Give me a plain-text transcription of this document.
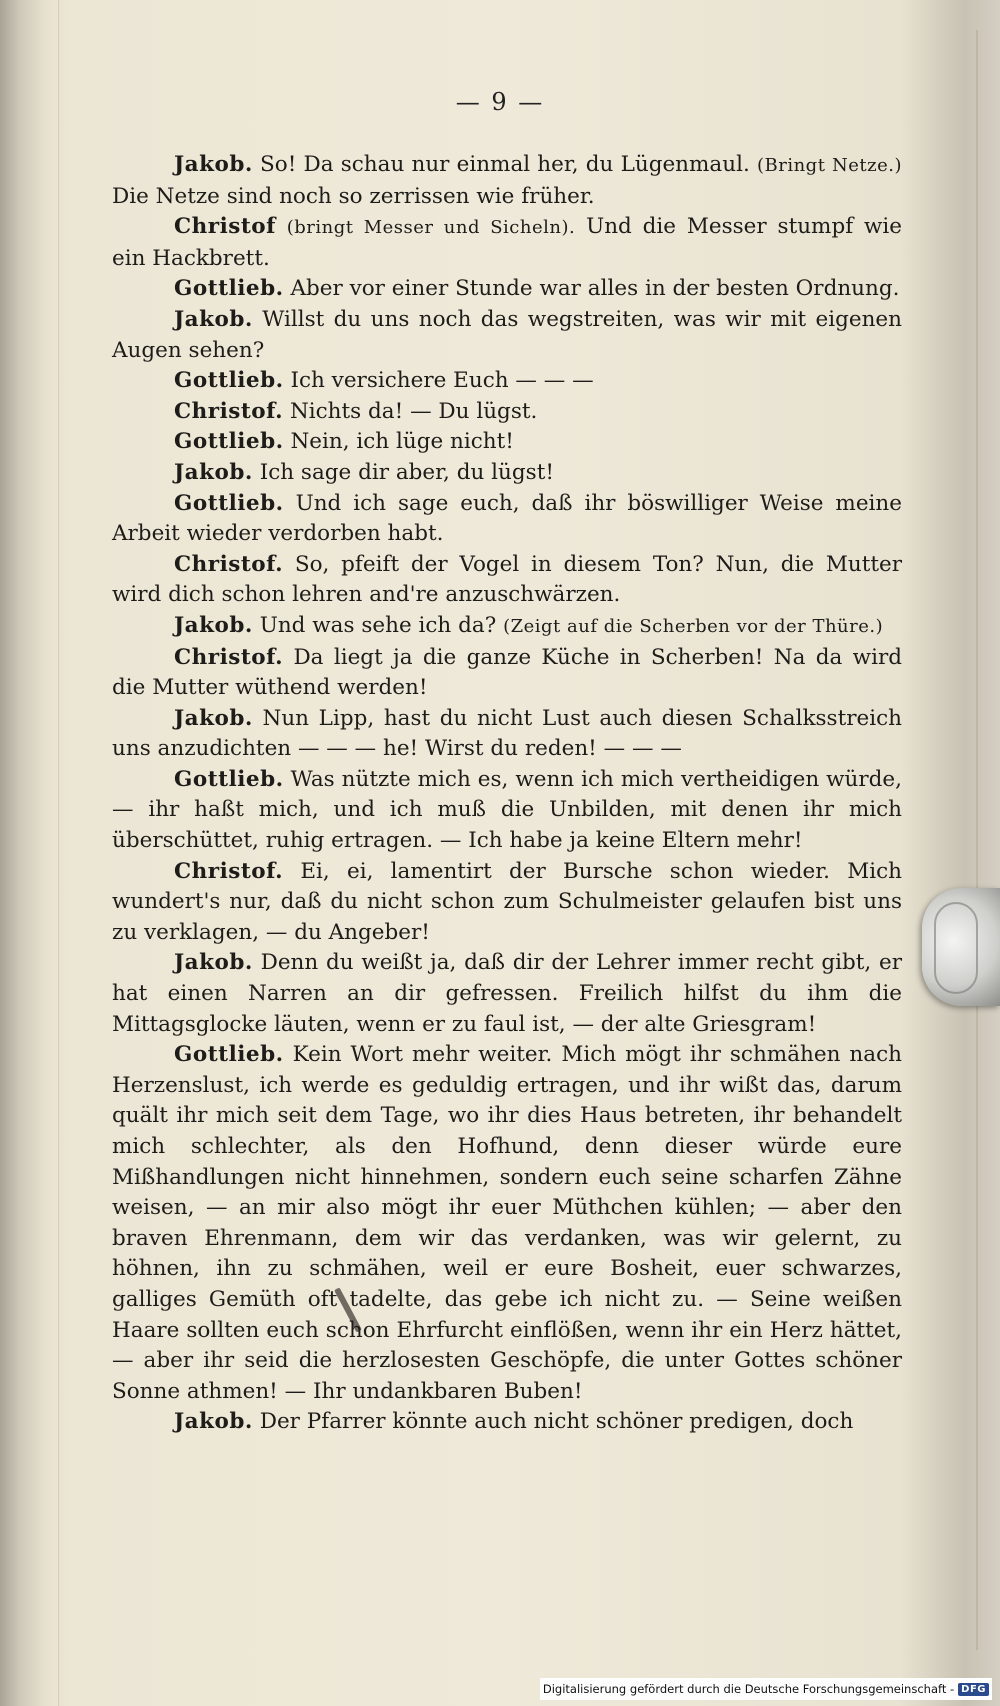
— 9 —

Jakob. So! Da schau nur einmal her, du Lügenmaul. (Bringt Netze.) Die Netze sind noch so zerrissen wie früher.

Christof (bringt Messer und Sicheln). Und die Messer stumpf wie ein Hackbrett.

Gottlieb. Aber vor einer Stunde war alles in der besten Ordnung.

Jakob. Willst du uns noch das wegstreiten, was wir mit eigenen Augen sehen?

Gottlieb. Ich versichere Euch — — —

Christof. Nichts da! — Du lügst.

Gottlieb. Nein, ich lüge nicht!

Jakob. Ich sage dir aber, du lügst!

Gottlieb. Und ich sage euch, daß ihr böswilliger Weise meine Arbeit wieder verdorben habt.

Christof. So, pfeift der Vogel in diesem Ton? Nun, die Mutter wird dich schon lehren and're anzuschwärzen.

Jakob. Und was sehe ich da? (Zeigt auf die Scherben vor der Thüre.)

Christof. Da liegt ja die ganze Küche in Scherben! Na da wird die Mutter wüthend werden!

Jakob. Nun Lipp, hast du nicht Lust auch diesen Schalksstreich uns anzudichten — — — he! Wirst du reden! — — —

Gottlieb. Was nützte mich es, wenn ich mich vertheidigen würde, — ihr haßt mich, und ich muß die Unbilden, mit denen ihr mich überschüttet, ruhig ertragen. — Ich habe ja keine Eltern mehr!

Christof. Ei, ei, lamentirt der Bursche schon wieder. Mich wundert's nur, daß du nicht schon zum Schulmeister gelaufen bist uns zu verklagen, — du Angeber!

Jakob. Denn du weißt ja, daß dir der Lehrer immer recht gibt, er hat einen Narren an dir gefressen. Freilich hilfst du ihm die Mittagsglocke läuten, wenn er zu faul ist, — der alte Griesgram!

Gottlieb. Kein Wort mehr weiter. Mich mögt ihr schmähen nach Herzenslust, ich werde es geduldig ertragen, und ihr wißt das, darum quält ihr mich seit dem Tage, wo ihr dies Haus betreten, ihr behandelt mich schlechter, als den Hofhund, denn dieser würde eure Mißhandlungen nicht hinnehmen, sondern euch seine scharfen Zähne weisen, — an mir also mögt ihr euer Müthchen kühlen; — aber den braven Ehrenmann, dem wir das verdanken, was wir gelernt, zu höhnen, ihn zu schmähen, weil er eure Bosheit, euer schwarzes, galliges Gemüth oft tadelte, das gebe ich nicht zu. — Seine weißen Haare sollten euch schon Ehrfurcht einflößen, wenn ihr ein Herz hättet, — aber ihr seid die herzlosesten Geschöpfe, die unter Gottes schöner Sonne athmen! — Ihr undankbaren Buben!

Jakob. Der Pfarrer könnte auch nicht schöner predigen, doch

Digitalisierung gefördert durch die Deutsche Forschungsgemeinschaft - DFG
